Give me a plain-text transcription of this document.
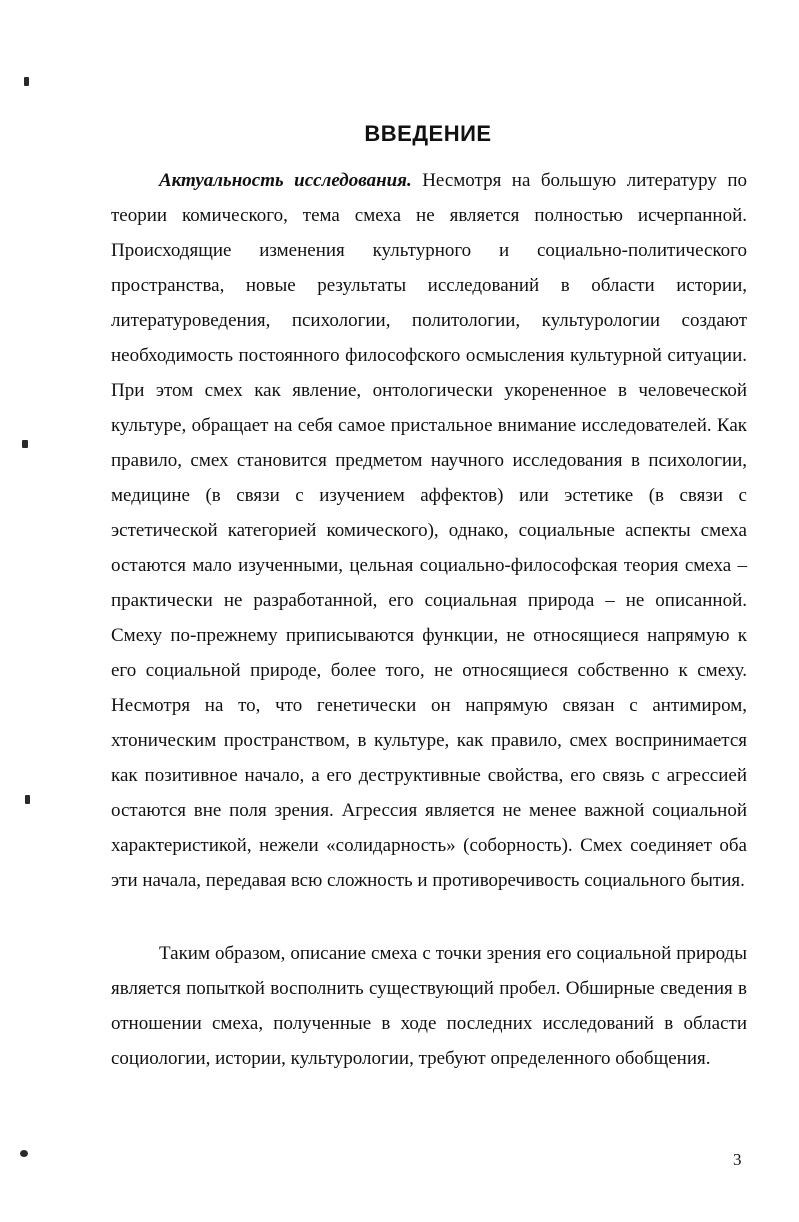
ВВЕДЕНИЕ

Актуальность исследования. Несмотря на большую литературу по теории комического, тема смеха не является полностью исчерпанной. Происходящие изменения культурного и социально-политического пространства, новые результаты исследований в области истории, литературоведения, психологии, политологии, культурологии создают необходимость постоянного философского осмысления культурной ситуации. При этом смех как явление, онтологически укорененное в человеческой культуре, обращает на себя самое пристальное внимание исследователей. Как правило, смех становится предметом научного исследования в психологии, медицине (в связи с изучением аффектов) или эстетике (в связи с эстетической категорией комического), однако, социальные аспекты смеха остаются мало изученными, цельная социально-философская теория смеха –практически не разработанной, его социальная природа – не описанной. Смеху по-прежнему приписываются функции, не относящиеся напрямую к его социальной природе, более того, не относящиеся собственно к смеху. Несмотря на то, что генетически он напрямую связан с антимиром, хтоническим пространством, в культуре, как правило, смех воспринимается как позитивное начало, а его деструктивные свойства, его связь с агрессией остаются вне поля зрения. Агрессия является не менее важной социальной характеристикой, нежели «солидарность» (соборность). Смех соединяет оба эти начала, передавая всю сложность и противоречивость социального бытия.

Таким образом, описание смеха с точки зрения его социальной природы является попыткой восполнить существующий пробел. Обширные сведения в отношении смеха, полученные в ходе последних исследований в области социологии, истории, культурологии, требуют определенного обобщения.

3
